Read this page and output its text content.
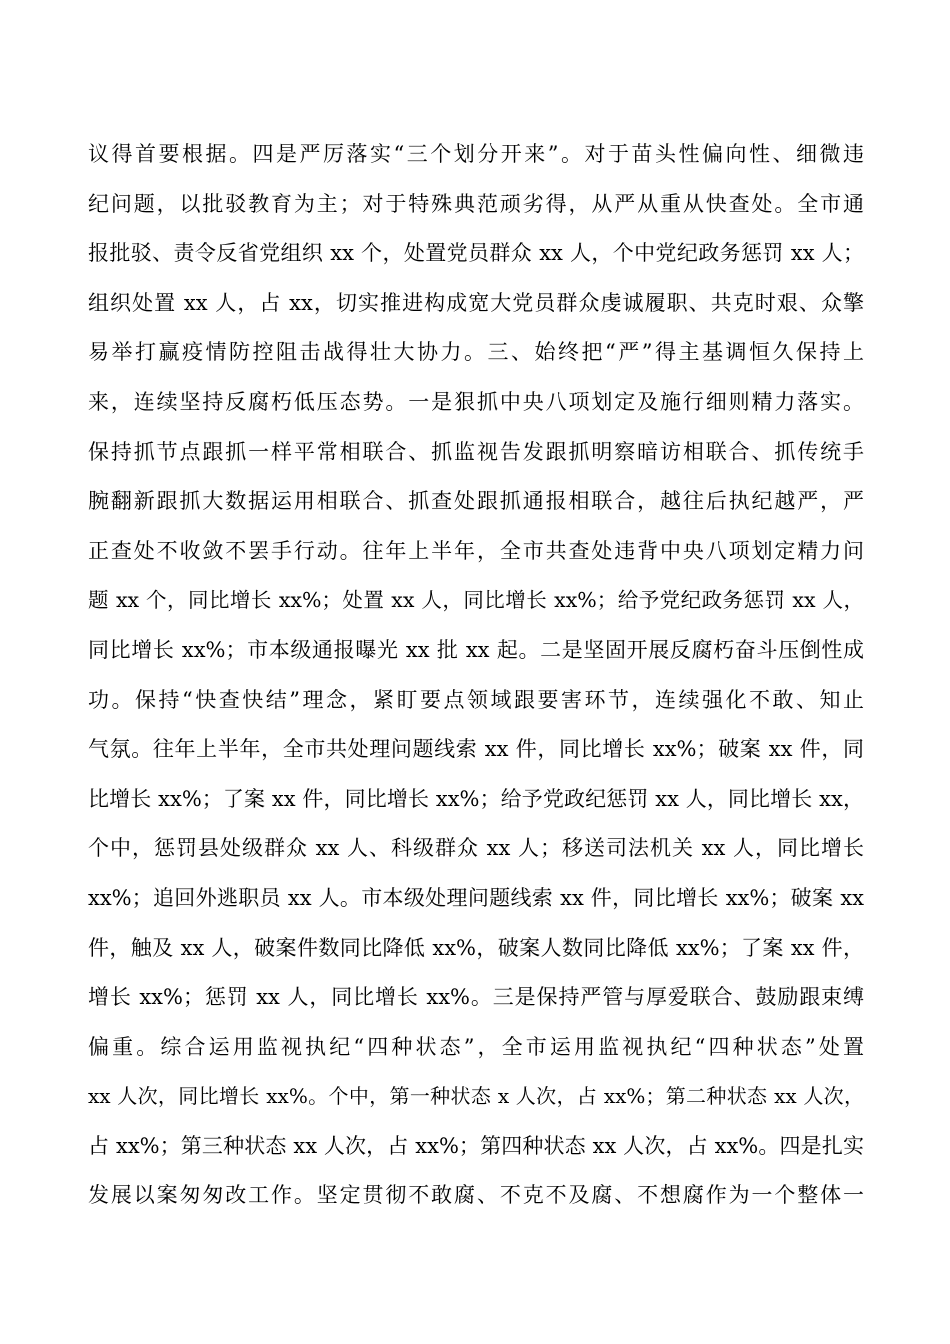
议得首要根据。四是严厉落实“三个划分开来”。对于苗头性偏向性、细微违
纪问题，以批驳教育为主；对于特殊典范顽劣得，从严从重从快查处。全市通
报批驳、责令反省党组织 xx 个，处置党员群众 xx 人，个中党纪政务惩罚 xx 人；
组织处置 xx 人，占 xx，切实推进构成宽大党员群众虔诚履职、共克时艰、众擎
易举打赢疫情防控阻击战得壮大协力。三、始终把“严”得主基调恒久保持上
来，连续坚持反腐朽低压态势。一是狠抓中央八项划定及施行细则精力落实。
保持抓节点跟抓一样平常相联合、抓监视告发跟抓明察暗访相联合、抓传统手
腕翻新跟抓大数据运用相联合、抓查处跟抓通报相联合，越往后执纪越严，严
正查处不收敛不罢手行动。往年上半年，全市共查处违背中央八项划定精力问
题 xx 个，同比增长 xx%；处置 xx 人，同比增长 xx%；给予党纪政务惩罚 xx 人，
同比增长 xx%；市本级通报曝光 xx 批 xx 起。二是坚固开展反腐朽奋斗压倒性成
功。保持“快查快结”理念，紧盯要点领域跟要害环节，连续强化不敢、知止
气氛。往年上半年，全市共处理问题线索 xx 件，同比增长 xx%；破案 xx 件，同
比增长 xx%；了案 xx 件，同比增长 xx%；给予党政纪惩罚 xx 人，同比增长 xx，
个中，惩罚县处级群众 xx 人、科级群众 xx 人；移送司法机关 xx 人，同比增长
xx%；追回外逃职员 xx 人。市本级处理问题线索 xx 件，同比增长 xx%；破案 xx
件，触及 xx 人，破案件数同比降低 xx%，破案人数同比降低 xx%；了案 xx 件，
增长 xx%；惩罚 xx 人，同比增长 xx%。三是保持严管与厚爱联合、鼓励跟束缚
偏重。综合运用监视执纪“四种状态”，全市运用监视执纪“四种状态”处置
xx 人次，同比增长 xx%。个中，第一种状态 x 人次，占 xx%；第二种状态 xx 人次，
占 xx%；第三种状态 xx 人次，占 xx%；第四种状态 xx 人次，占 xx%。四是扎实
发展以案匆匆改工作。坚定贯彻不敢腐、不克不及腐、不想腐作为一个整体一
